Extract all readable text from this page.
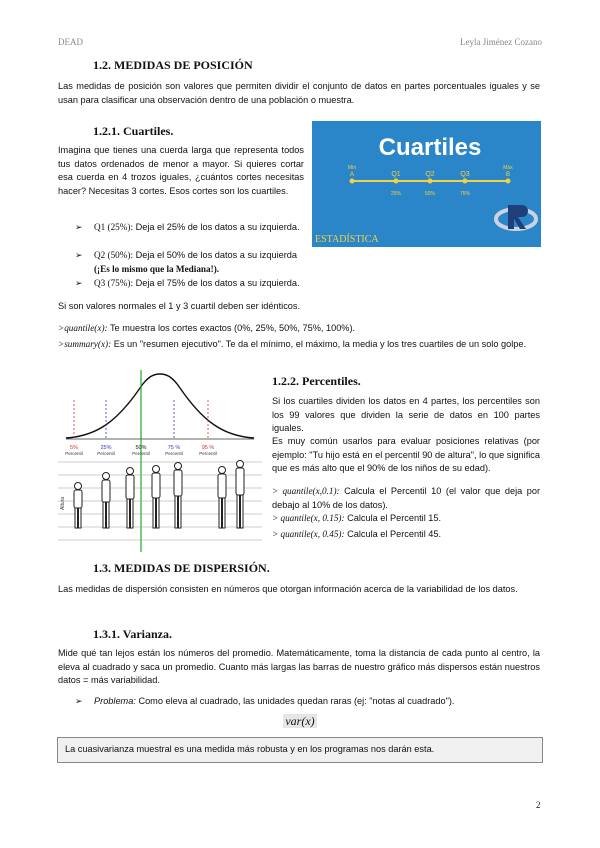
DEAD	Leyla Jiménez Cozano
1.2. MEDIDAS DE POSICIÓN
Las medidas de posición son valores que permiten dividir el conjunto de datos en partes porcentuales iguales y se usan para clasificar una observación dentro de una población o muestra.
1.2.1. Cuartiles.
Imagina que tienes una cuerda larga que representa todos tus datos ordenados de menor a mayor. Si quieres cortar esa cuerda en 4 trozos iguales, ¿cuántos cortes necesitas hacer? Necesitas 3 cortes. Esos cortes son los cuartiles.
Cuartiles
Mín
A
Máx
B
Q1	Q2	Q3
25%	50%	75%
ESTADÍSTICA
➢	Q1 (25%): Deja el 25% de los datos a su izquierda.
➢	Q2 (50%): Deja el 50% de los datos a su izquierda (¡Es lo mismo que la Mediana!).
➢	Q3 (75%): Deja el 75% de los datos a su izquierda.
Si son valores normales el 1 y 3 cuartil deben ser idénticos.
>quantile(x): Te muestra los cortes exactos (0%, 25%, 50%, 75%, 100%).
>summary(x): Es un "resumen ejecutivo". Te da el mínimo, el máximo, la media y los tres cuartiles de un solo golpe.
5%
Percentil
25%
Percentil
50%
Percentil
75 %
Percentil
95 %
Percentil
Altura
1.2.2. Percentiles.
Si los cuartiles dividen los datos en 4 partes, los percentiles son los 99 valores que dividen la serie de datos en 100 partes iguales.
Es muy común usarlos para evaluar posiciones relativas (por ejemplo: "Tu hijo está en el percentil 90 de altura", lo que significa que es más alto que el 90% de los niños de su edad).
> quantile(x,0.1): Calcula el Percentil 10 (el valor que deja por debajo al 10% de los datos).
> quantile(x, 0.15): Calcula el Percentil 15.
> quantile(x, 0.45): Calcula el Percentil 45.
1.3. MEDIDAS DE DISPERSIÓN.
Las medidas de dispersión consisten en números que otorgan información acerca de la variabilidad de los datos.
1.3.1. Varianza.
Mide qué tan lejos están los números del promedio. Matemáticamente, toma la distancia de cada punto al centro, la eleva al cuadrado y saca un promedio. Cuanto más largas las barras de nuestro gráfico más dispersos están nuestros datos = más variabilidad.
➢	Problema: Como eleva al cuadrado, las unidades quedan raras (ej: "notas al cuadrado").
var(x)
La cuasivarianza muestral es una medida más robusta y en los programas nos darán esta.
2
